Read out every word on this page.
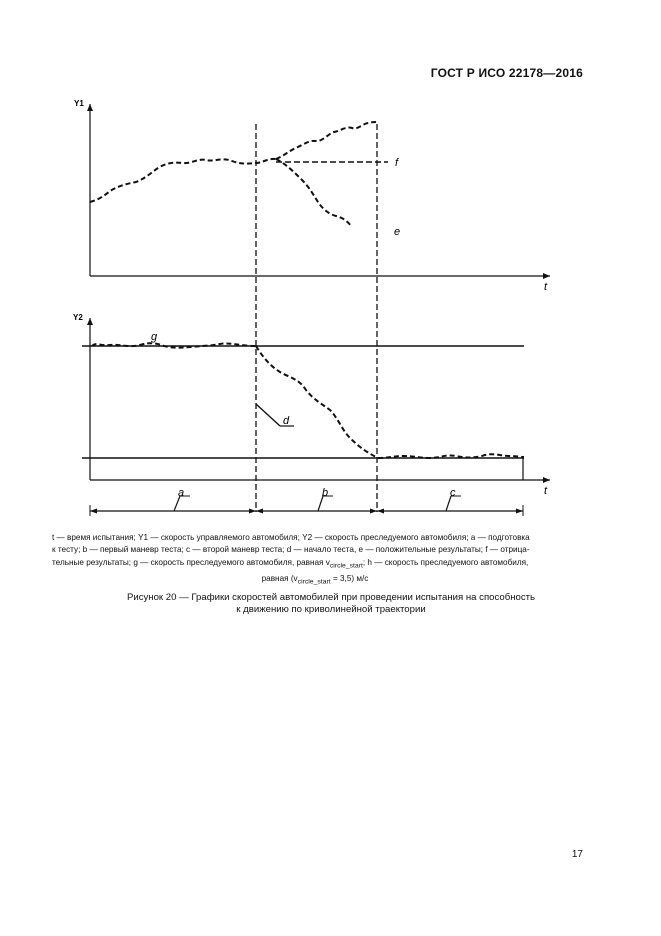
ГОСТ Р ИСО 22178—2016
Y1
t
f
e
Y2
t
g
d
a	b	c
t — время испытания; Y1 — скорость управляемого автомобиля; Y2 — скорость преследуемого автомобиля; a — подготовка
к тесту; b — первый маневр теста; c — второй маневр теста; d — начало теста, e — положительные результаты; f — отрица-
тельные результаты; g — скорость преследуемого автомобиля, равная $v_{circle\_start}$; h — скорость преследуемого автомобиля,
равная $(v_{circle\_start} = 3,5)$ м/с
Рисунок 20 — Графики скоростей автомобилей при проведении испытания на способность
к движению по криволинейной траектории
17
